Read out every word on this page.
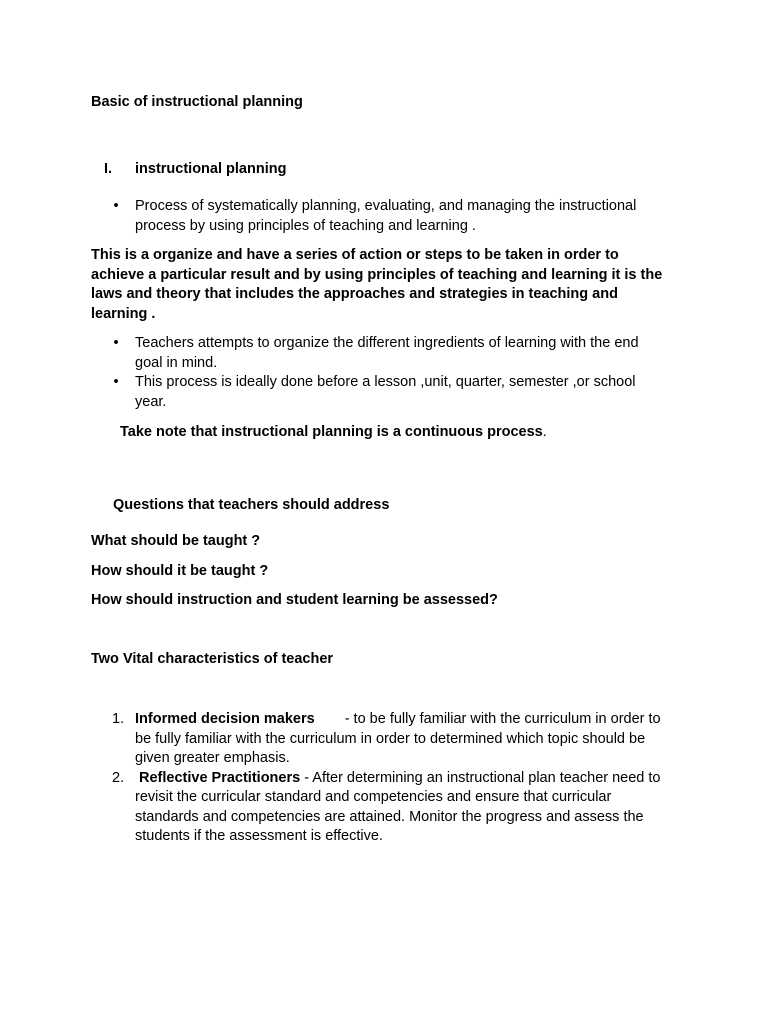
Basic of instructional planning
I. instructional planning
• Process of systematically planning, evaluating, and managing the instructional process by using principles of teaching and learning .
This is a organize and have a series of action or steps to be taken in order to achieve a particular result and by using principles of teaching and learning it is the laws and theory that includes the approaches and strategies in teaching and learning .
• Teachers attempts to organize the different ingredients of learning with the end goal in mind.
• This process is ideally done before a lesson ,unit, quarter, semester ,or school year.
Take note that instructional planning is a continuous process.
Questions that teachers should address
What should be taught ?
How should it be taught ?
How should instruction and student learning be assessed?
Two Vital characteristics of teacher
1. Informed decision makers - to be fully familiar with the curriculum in order to be fully familiar with the curriculum in order to determined which topic should be given greater emphasis.
2. Reflective Practitioners - After determining an instructional plan teacher need to revisit the curricular standard and competencies and ensure that curricular standards and competencies are attained. Monitor the progress and assess the students if the assessment is effective.
